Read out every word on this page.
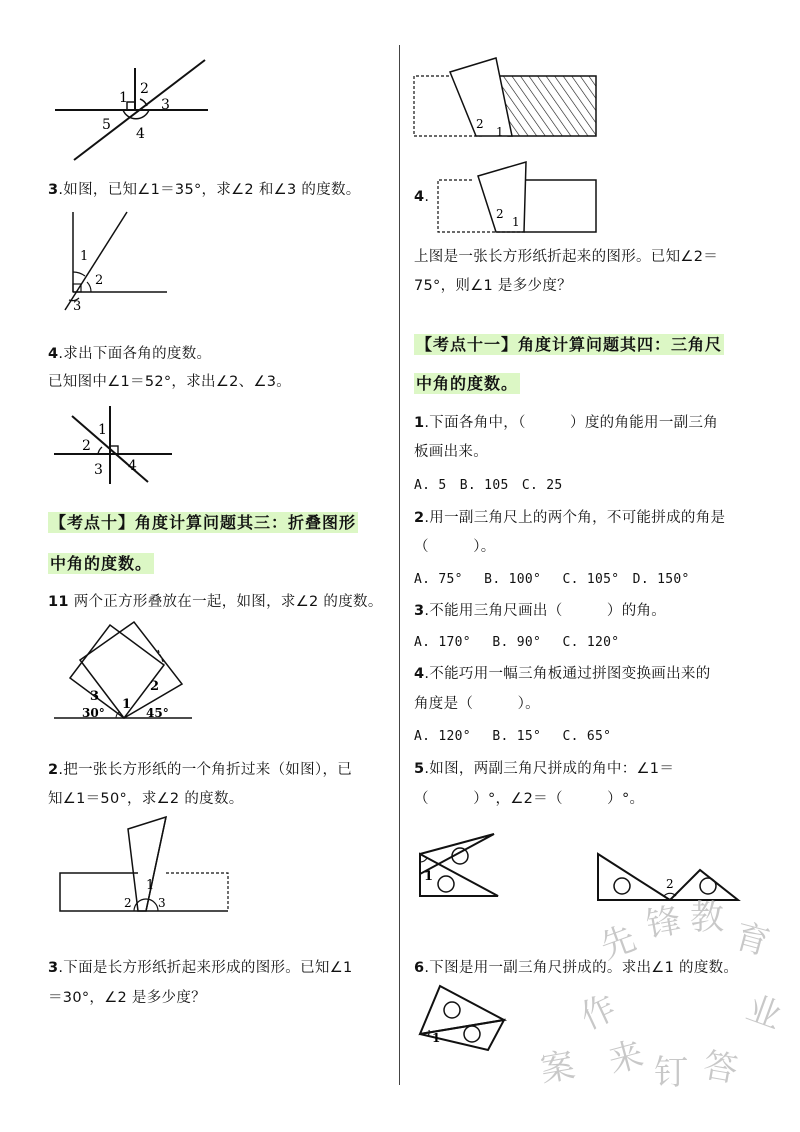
1
2
3
4
5
3.如图，已知∠1＝35°，求∠2 和∠3 的度数。
1
2
3
4.求出下面各角的度数。
已知图中∠1＝52°，求出∠2、∠3。
1
2
3 4
【考点十】角度计算问题其三：折叠图形
中角的度数。
11 两个正方形叠放在一起，如图，求∠2 的度数。
3
1
2
30°	45°
2.把一张长方形纸的一个角折过来（如图），已
知∠1＝50°，求∠2 的度数。
1
2 3
3.下面是长方形纸折起来形成的图形。已知∠1
＝30°，∠2 是多少度？
2
1
4.
2
1
上图是一张长方形纸折起来的图形。已知∠2＝
75°，则∠1 是多少度？
【考点十一】角度计算问题其四：三角尺
中角的度数。
1.下面各角中，（　　　）度的角能用一副三角
板画出来。
A. 5　B. 105　C. 25
2.用一副三角尺上的两个角，不可能拼成的角是
（　　　）。
A. 75°　 B. 100°　 C. 105°　D. 150°
3.不能用三角尺画出（　　　）的角。
A. 170°　 B. 90°　 C. 120°
4.不能巧用一幅三角板通过拼图变换画出来的
角度是（　　　）。
A. 120°　 B. 15°　 C. 65°
5.如图，两副三角尺拼成的角中：∠1＝
（　　　）°，∠2＝（　　　）°。
1	2
6.下图是用一副三角尺拼成的。求出∠1 的度数。
1
先 锋 教 育
作	业
来 钉 答
案
